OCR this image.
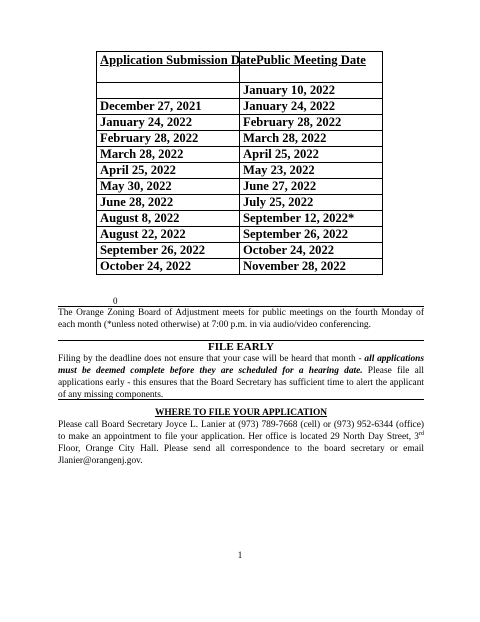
Application Submission Date	Public Meeting Date
	January 10, 2022
December 27, 2021	January 24, 2022
January 24, 2022	February 28, 2022
February 28, 2022	March 28, 2022
March 28, 2022	April 25, 2022
April 25, 2022	May 23, 2022
May 30, 2022	June 27, 2022
June 28, 2022	July 25, 2022
August 8, 2022	September 12, 2022*
August 22, 2022	September 26, 2022
September 26, 2022	October 24, 2022
October 24, 2022	November 28, 2022
0

The Orange Zoning Board of Adjustment meets for public meetings on the fourth Monday of each month (*unless noted otherwise) at 7:00 p.m. in via audio/video conferencing.

FILE EARLY

Filing by the deadline does not ensure that your case will be heard that month - all applications must be deemed complete before they are scheduled for a hearing date. Please file all applications early - this ensures that the Board Secretary has sufficient time to alert the applicant of any missing components.

WHERE TO FILE YOUR APPLICATION

Please call Board Secretary Joyce L. Lanier at (973) 789-7668 (cell) or (973) 952-6344 (office) to make an appointment to file your application. Her office is located 29 North Day Street, 3rd Floor, Orange City Hall. Please send all correspondence to the board secretary or email Jlanier@orangenj.gov.

1
